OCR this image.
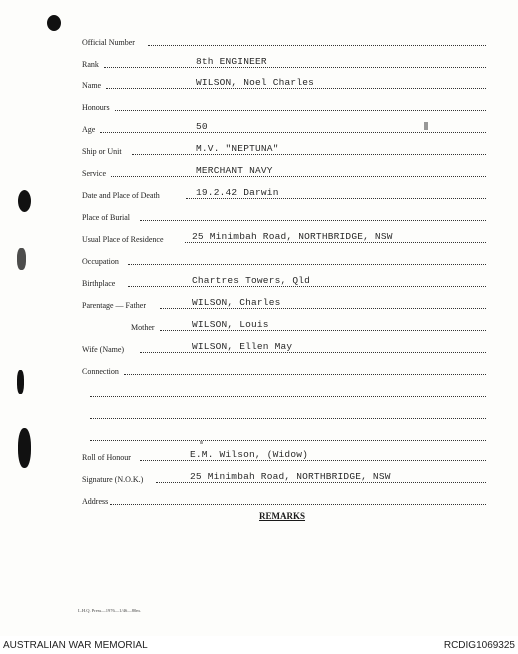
Official Number
Rank	8th ENGINEER
Name	WILSON, Noel Charles
Honours
Age	50
Ship or Unit	M.V. "NEPTUNA"
Service	MERCHANT NAVY
Date and Place of Death	19.2.42 Darwin
Place of Burial
Usual Place of Residence	25 Minimbah Road, NORTHBRIDGE, NSW
Occupation
Birthplace	Chartres Towers, Qld
Parentage — Father	WILSON, Charles
Mother	WILSON, Louis
Wife (Name)	WILSON, Ellen May
Connection
Roll of Honour	E.M. Wilson, (Widow)
Signature (N.O.K.)	25 Minimbah Road, NORTHBRIDGE, NSW
Address
REMARKS
L.H.Q. Press—1976—1/46—80m.
AUSTRALIAN WAR MEMORIAL	RCDIG1069325
